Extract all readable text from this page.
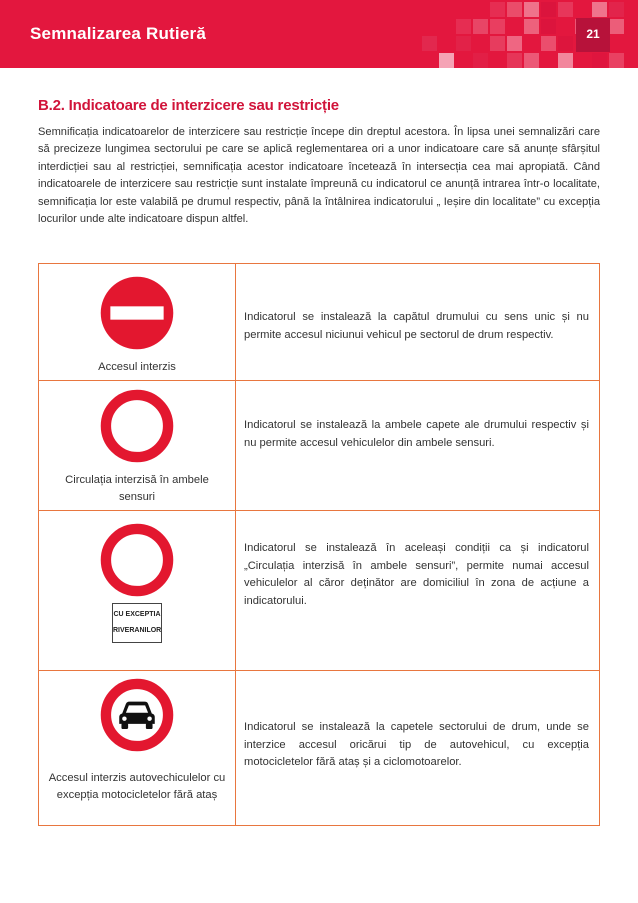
Semnalizarea Rutieră	21
B.2. Indicatoare de interzicere sau restricție
Semnificația indicatoarelor de interzicere sau restricție începe din dreptul acestora. În lipsa unei semnalizări care să precizeze lungimea sectorului pe care se aplică reglementarea ori a unor indicatoare care să anunțe sfârșitul interdicției sau al restricției, semnificația acestor indicatoare încetează în intersecția cea mai apropiată. Când indicatoarele de interzicere sau restricție sunt instalate împreună cu indicatorul ce anunță intrarea într-o localitate, semnificația lor este valabilă pe drumul respectiv, până la întâlnirea indicatorului „ Ieșire din localitate” cu excepția locurilor unde alte indicatoare dispun altfel.
Accesul interzis	Indicatorul se instalează la capătul drumului cu sens unic și nu permite accesul niciunui vehicul pe sectorul de drum respectiv.

Circulația interzisă în ambele sensuri	Indicatorul se instalează la ambele capete ale drumului respectiv și nu permite accesul vehiculelor din ambele sensuri.

CU EXCEPTIA
RIVERANILOR	Indicatorul se instalează în aceleași condiții ca și indicatorul „Circulația interzisă în ambele sensuri”, permite numai accesul vehiculelor al căror deținător are domiciliul în zona de acțiune a indicatorului.

Accesul interzis autovechiculelor cu excepția motocicletelor fără ataș	Indicatorul se instalează la capetele sectorului de drum, unde se interzice accesul oricărui tip de autovehicul, cu excepția motocicletelor fără ataș și a ciclomotoarelor.
